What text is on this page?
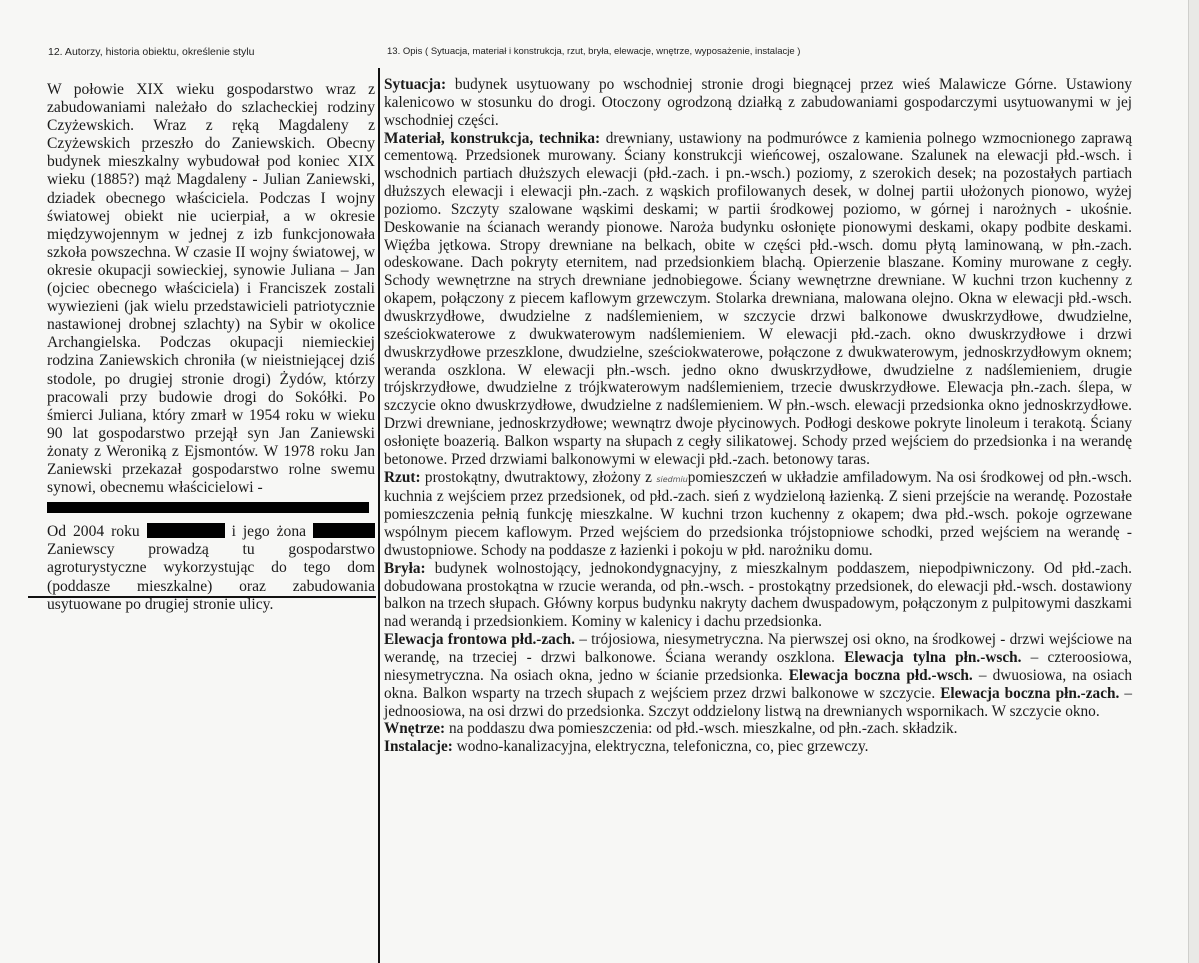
12. Autorzy, historia obiektu, określenie stylu	13. Opis ( Sytuacja, materiał i konstrukcja, rzut, bryła, elewacje, wnętrze, wyposażenie, instalacje )

W połowie XIX wieku gospodarstwo wraz z zabudowaniami należało do szlacheckiej rodziny Czyżewskich. Wraz z ręką Magdaleny z Czyżewskich przeszło do Zaniewskich. Obecny budynek mieszkalny wybudował pod koniec XIX wieku (1885?) mąż Magdaleny - Julian Zaniewski, dziadek obecnego właściciela. Podczas I wojny światowej obiekt nie ucierpiał, a w okresie międzywojennym w jednej z izb funkcjonowała szkoła powszechna. W czasie II wojny światowej, w okresie okupacji sowieckiej, synowie Juliana – Jan (ojciec obecnego właściciela) i Franciszek zostali wywiezieni (jak wielu przedstawicieli patriotycznie nastawionej drobnej szlachty) na Sybir w okolice Archangielska. Podczas okupacji niemieckiej rodzina Zaniewskich chroniła (w nieistniejącej dziś stodole, po drugiej stronie drogi) Żydów, którzy pracowali przy budowie drogi do Sokółki. Po śmierci Juliana, który zmarł w 1954 roku w wieku 90 lat gospodarstwo przejął syn Jan Zaniewski żonaty z Weroniką z Ejsmontów. W 1978 roku Jan Zaniewski przekazał gospodarstwo rolne swemu synowi, obecnemu właścicielowi -

Od 2004 roku	i jego żona  Zaniewscy prowadzą tu gospodarstwo agroturystyczne wykorzystując do tego dom (poddasze mieszkalne) oraz zabudowania usytuowane po drugiej stronie ulicy.

Sytuacja: budynek usytuowany po wschodniej stronie drogi biegnącej przez wieś Malawicze Górne. Ustawiony kalenicowo w stosunku do drogi. Otoczony ogrodzoną działką z zabudowaniami gospodarczymi usytuowanymi w jej wschodniej części.

Materiał, konstrukcja, technika: drewniany, ustawiony na podmurówce z kamienia polnego wzmocnionego zaprawą cementową. Przedsionek murowany. Ściany konstrukcji wieńcowej, oszalowane. Szalunek na elewacji płd.-wsch. i wschodnich partiach dłuższych elewacji (płd.-zach. i pn.-wsch.) poziomy, z szerokich desek; na pozostałych partiach dłuższych elewacji i elewacji płn.-zach. z wąskich profilowanych desek, w dolnej partii ułożonych pionowo, wyżej poziomo. Szczyty szalowane wąskimi deskami; w partii środkowej poziomo, w górnej i narożnych - ukośnie. Deskowanie na ścianach werandy pionowe. Naroża budynku osłonięte pionowymi deskami, okapy podbite deskami. Więźba jętkowa. Stropy drewniane na belkach, obite w części płd.-wsch. domu płytą laminowaną, w płn.-zach. odeskowane. Dach pokryty eternitem, nad przedsionkiem blachą. Opierzenie blaszane. Kominy murowane z cegły. Schody wewnętrzne na strych drewniane jednobiegowe. Ściany wewnętrzne drewniane. W kuchni trzon kuchenny z okapem, połączony z piecem kaflowym grzewczym. Stolarka drewniana, malowana olejno. Okna w elewacji płd.-wsch. dwuskrzydłowe, dwudzielne z nadślemieniem, w szczycie drzwi balkonowe dwuskrzydłowe, dwudzielne, sześciokwaterowe z dwukwaterowym nadślemieniem. W elewacji płd.-zach. okno dwuskrzydłowe i drzwi dwuskrzydłowe przeszklone, dwudzielne, sześciokwaterowe, połączone z dwukwaterowym, jednoskrzydłowym oknem; weranda oszklona. W elewacji płn.-wsch. jedno okno dwuskrzydłowe, dwudzielne z nadślemieniem, drugie trójskrzydłowe, dwudzielne z trójkwaterowym nadślemieniem, trzecie dwuskrzydłowe. Elewacja płn.-zach. ślepa, w szczycie okno dwuskrzydłowe, dwudzielne z nadślemieniem. W płn.-wsch. elewacji przedsionka okno jednoskrzydłowe. Drzwi drewniane, jednoskrzydłowe; wewnątrz dwoje płycinowych. Podłogi deskowe pokryte linoleum i terakotą. Ściany osłonięte boazerią. Balkon wsparty na słupach z cegły silikatowej. Schody przed wejściem do przedsionka i na werandę betonowe. Przed drzwiami balkonowymi w elewacji płd.-zach. betonowy taras.

Rzut: prostokątny, dwutraktowy, złożony z siedmiupomieszczeń w układzie amfiladowym. Na osi środkowej od płn.-wsch. kuchnia z wejściem przez przedsionek, od płd.-zach. sień z wydzieloną łazienką. Z sieni przejście na werandę. Pozostałe pomieszczenia pełnią funkcję mieszkalne. W kuchni trzon kuchenny z okapem; dwa płd.-wsch. pokoje ogrzewane wspólnym piecem kaflowym. Przed wejściem do przedsionka trójstopniowe schodki, przed wejściem na werandę - dwustopniowe. Schody na poddasze z łazienki i pokoju w płd. narożniku domu.

Bryła: budynek wolnostojący, jednokondygnacyjny, z mieszkalnym poddaszem, niepodpiwniczony. Od płd.-zach. dobudowana prostokątna w rzucie weranda, od płn.-wsch. - prostokątny przedsionek, do elewacji płd.-wsch. dostawiony balkon na trzech słupach. Główny korpus budynku nakryty dachem dwuspadowym, połączonym z pulpitowymi daszkami nad werandą i przedsionkiem. Kominy w kalenicy i dachu przedsionka.

Elewacja frontowa płd.-zach. – trójosiowa, niesymetryczna. Na pierwszej osi okno, na środkowej - drzwi wejściowe na werandę, na trzeciej - drzwi balkonowe. Ściana werandy oszklona. Elewacja tylna płn.-wsch. – czteroosiowa, niesymetryczna. Na osiach okna, jedno w ścianie przedsionka. Elewacja boczna płd.-wsch. – dwuosiowa, na osiach okna. Balkon wsparty na trzech słupach z wejściem przez drzwi balkonowe w szczycie. Elewacja boczna płn.-zach. – jednoosiowa, na osi drzwi do przedsionka. Szczyt oddzielony listwą na drewnianych wspornikach. W szczycie okno.

Wnętrze: na poddaszu dwa pomieszczenia: od płd.-wsch. mieszkalne, od płn.-zach. składzik.

Instalacje: wodno-kanalizacyjna, elektryczna, telefoniczna, co, piec grzewczy.
